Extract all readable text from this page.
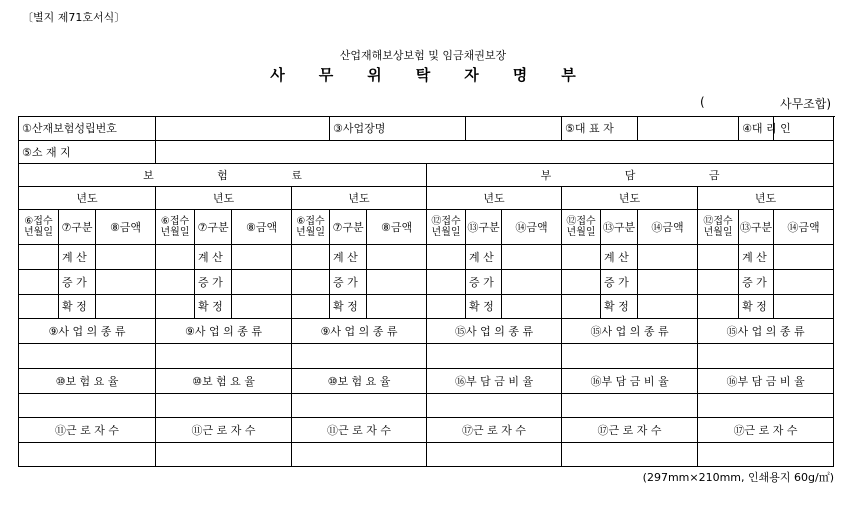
〔별지 제71호서식〕
산업재해보상보험 및 임금채권보장
사 무 위 탁 자 명 부
(	사무조합)
①산재보험성립번호							③사업장명					⑤대 표 자				④대 리 인	
⑤소 재 지																	
보 험 료									부 담 금								
년도			년도			년도			년도			년도			년도		
⑥접수 년월일	⑦구분	⑧금액	⑥접수 년월일	⑦구분	⑧금액	⑥접수 년월일	⑦구분	⑧금액	⑫접수 년월일	⑬구분	⑭금액	⑫접수 년월일	⑬구분	⑭금액	⑫접수 년월일	⑬구분	⑭금액
	계 산			계 산			계 산			계 산			계 산			계 산	
	증 가			증 가			증 가			증 가			증 가			증 가	
	확 정			확 정			확 정			확 정			확 정			확 정	
⑨사 업 의 종 류			⑨사 업 의 종 류			⑨사 업 의 종 류			⑮사 업 의 종 류			⑮사 업 의 종 류			⑮사 업 의 종 류		

⑩보 험 요 율			⑩보 험 요 율			⑩보 험 요 율			⑯부 담 금 비 율			⑯부 담 금 비 율			⑯부 담 금 비 율		

⑪근 로 자 수			⑪근 로 자 수			⑪근 로 자 수			⑰근 로 자 수			⑰근 로 자 수			⑰근 로 자 수		

(297mm×210mm, 인쇄용지 60g/㎡)
